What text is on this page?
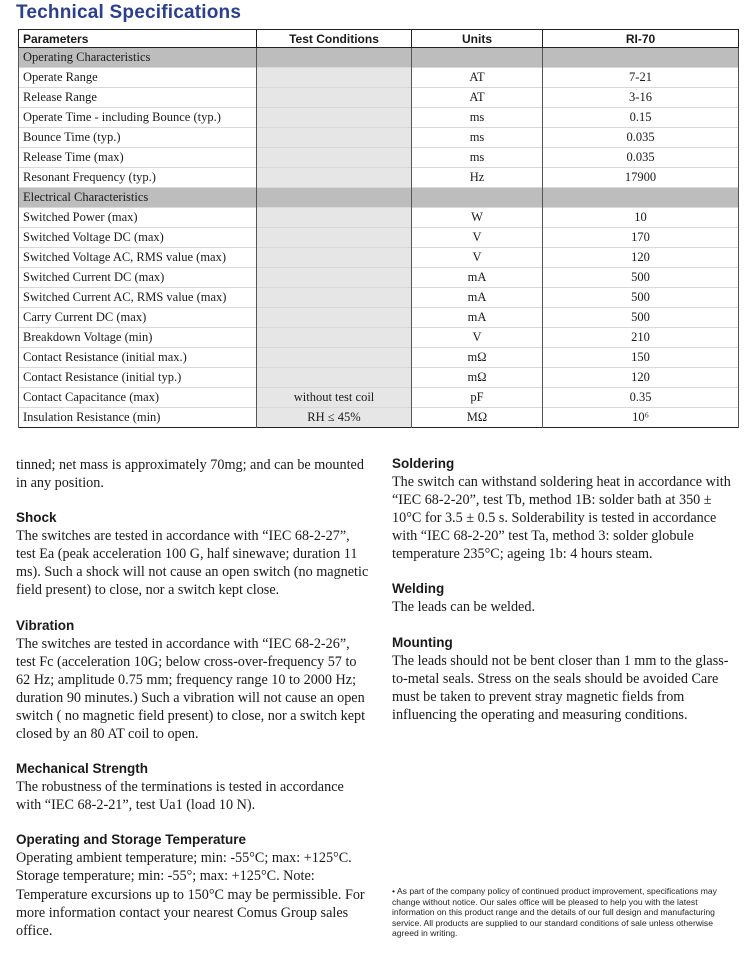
Technical Specifications
Parameters	Test Conditions	Units	RI-70
Operating Characteristics			
Operate Range		AT	7-21
Release Range		AT	3-16
Operate Time - including Bounce (typ.)		ms	0.15
Bounce Time (typ.)		ms	0.035
Release Time (max)		ms	0.035
Resonant Frequency (typ.)		Hz	17900
Electrical Characteristics			
Switched Power (max)		W	10
Switched Voltage DC (max)		V	170
Switched Voltage AC, RMS value (max)		V	120
Switched Current DC (max)		mA	500
Switched Current AC, RMS value (max)		mA	500
Carry Current DC (max)		mA	500
Breakdown Voltage (min)		V	210
Contact Resistance (initial max.)		mΩ	150
Contact Resistance (initial typ.)		mΩ	120
Contact Capacitance (max)	without test coil	pF	0.35
Insulation Resistance (min)	RH ≤ 45%	MΩ	10⁶

tinned; net mass is approximately 70mg; and can be mounted in any position.

Shock

The switches are tested in accordance with “IEC 68-2-27”, test Ea (peak acceleration 100 G, half sinewave; duration 11 ms). Such a shock will not cause an open switch (no magnetic field present) to close, nor a switch kept close.

Vibration

The switches are tested in accordance with “IEC 68-2-26”, test Fc (acceleration 10G; below cross-over-frequency 57 to 62 Hz; amplitude 0.75 mm; frequency range 10 to 2000 Hz; duration 90 minutes.) Such a vibration will not cause an open switch ( no magnetic field present) to close, nor a switch kept closed by an 80 AT coil to open.

Mechanical Strength

The robustness of the terminations is tested in accordance with “IEC 68-2-21”, test Ua1 (load 10 N).

Operating and Storage Temperature

Operating ambient temperature; min: -55°C; max: +125°C. Storage temperature; min: -55°; max: +125°C. Note: Temperature excursions up to 150°C may be permissible. For more information contact your nearest Comus Group sales office.

Soldering

The switch can withstand soldering heat in accordance with “IEC 68-2-20”, test Tb, method 1B: solder bath at 350 ± 10°C for 3.5 ± 0.5 s. Solderability is tested in accordance with “IEC 68-2-20” test Ta, method 3: solder globule temperature 235°C; ageing 1b: 4 hours steam.

Welding

The leads can be welded.

Mounting

The leads should not be bent closer than 1 mm to the glass-to-metal seals. Stress on the seals should be avoided Care must be taken to prevent stray magnetic fields from influencing the operating and measuring conditions.

• As part of the company policy of continued product improvement, specifications may change without notice. Our sales office will be pleased to help you with the latest information on this product range and the details of our full design and manufacturing service. All products are supplied to our standard conditions of sale unless otherwise agreed in writing.
